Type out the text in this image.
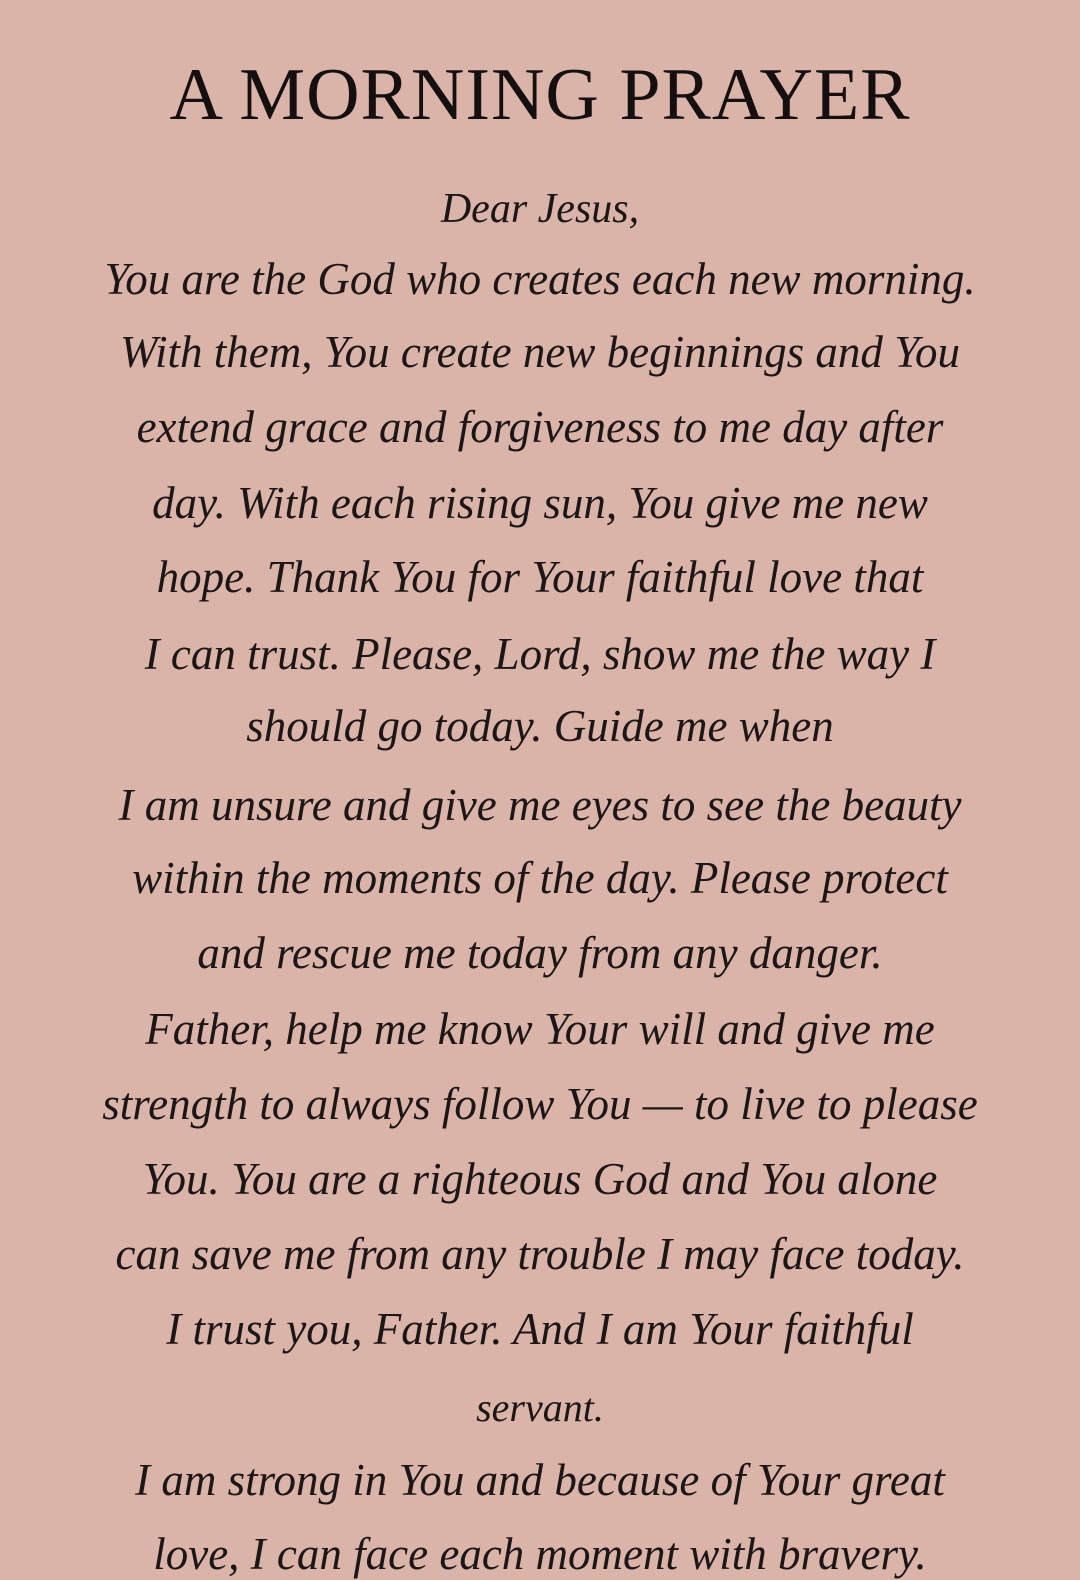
A MORNING PRAYER
Dear Jesus,
You are the God who creates each new morning.
With them, You create new beginnings and You
extend grace and forgiveness to me day after
day. With each rising sun, You give me new
hope. Thank You for Your faithful love that
I can trust. Please, Lord, show me the way I
should go today. Guide me when
I am unsure and give me eyes to see the beauty
within the moments of the day. Please protect
and rescue me today from any danger.
Father, help me know Your will and give me
strength to always follow You — to live to please
You. You are a righteous God and You alone
can save me from any trouble I may face today.
I trust you, Father. And I am Your faithful
servant.
I am strong in You and because of Your great
love, I can face each moment with bravery.
